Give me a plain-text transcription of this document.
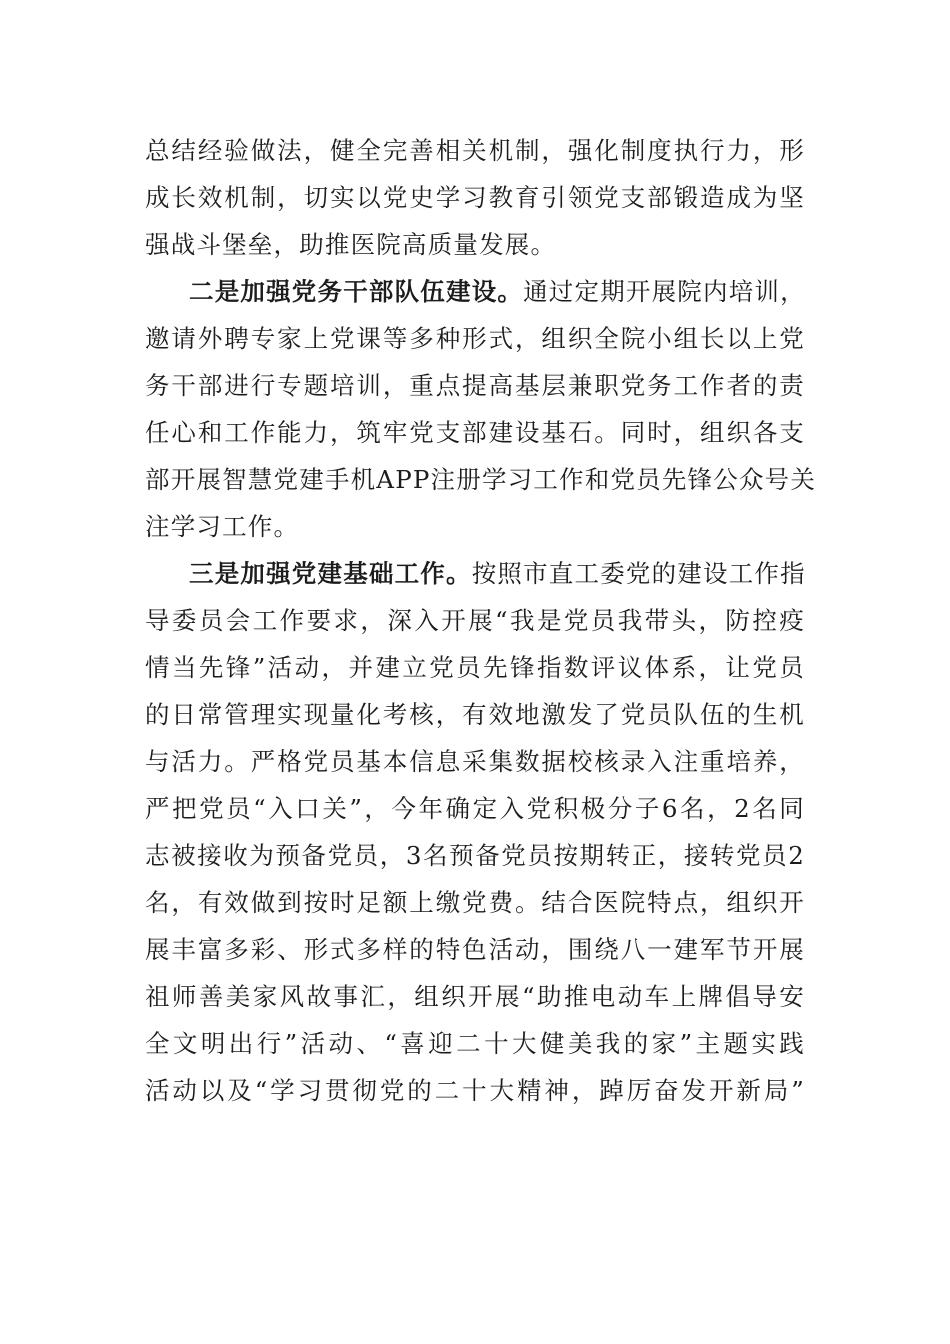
总结经验做法，健全完善相关机制，强化制度执行力，形
成长效机制，切实以党史学习教育引领党支部锻造成为坚
强战斗堡垒，助推医院高质量发展。
二是加强党务干部队伍建设。通过定期开展院内培训，
邀请外聘专家上党课等多种形式，组织全院小组长以上党
务干部进行专题培训，重点提高基层兼职党务工作者的责
任心和工作能力，筑牢党支部建设基石。同时，组织各支
部开展智慧党建手机APP注册学习工作和党员先锋公众号关
注学习工作。
三是加强党建基础工作。按照市直工委党的建设工作指
导委员会工作要求，深入开展“我是党员我带头，防控疫
情当先锋”活动，并建立党员先锋指数评议体系，让党员
的日常管理实现量化考核，有效地激发了党员队伍的生机
与活力。严格党员基本信息采集数据校核录入注重培养，
严把党员“入口关”，今年确定入党积极分子6名，2名同
志被接收为预备党员，3名预备党员按期转正，接转党员2
名，有效做到按时足额上缴党费。结合医院特点，组织开
展丰富多彩、形式多样的特色活动，围绕八一建军节开展
祖师善美家风故事汇，组织开展“助推电动车上牌倡导安
全文明出行”活动、“喜迎二十大健美我的家”主题实践
活动以及“学习贯彻党的二十大精神，踔厉奋发开新局”
